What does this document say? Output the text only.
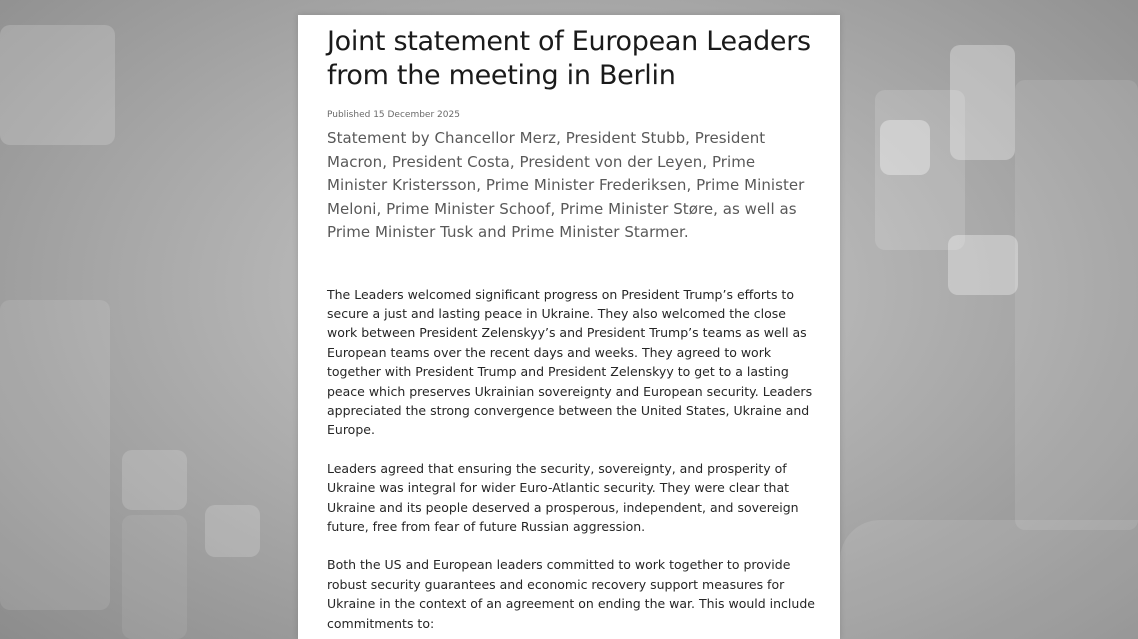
Joint statement of European Leaders from the meeting in Berlin

Published 15 December 2025

Statement by Chancellor Merz, President Stubb, President Macron, President Costa, President von der Leyen, Prime Minister Kristersson, Prime Minister Frederiksen, Prime Minister Meloni, Prime Minister Schoof, Prime Minister Støre, as well as Prime Minister Tusk and Prime Minister Starmer.

The Leaders welcomed significant progress on President Trump’s efforts to secure a just and lasting peace in Ukraine. They also welcomed the close work between President Zelenskyy’s and President Trump’s teams as well as European teams over the recent days and weeks. They agreed to work together with President Trump and President Zelenskyy to get to a lasting peace which preserves Ukrainian sovereignty and European security. Leaders appreciated the strong convergence between the United States, Ukraine and Europe.

Leaders agreed that ensuring the security, sovereignty, and prosperity of Ukraine was integral for wider Euro-Atlantic security. They were clear that Ukraine and its people deserved a prosperous, independent, and sovereign future, free from fear of future Russian aggression.

Both the US and European leaders committed to work together to provide robust security guarantees and economic recovery support measures for Ukraine in the context of an agreement on ending the war. This would include commitments to:
